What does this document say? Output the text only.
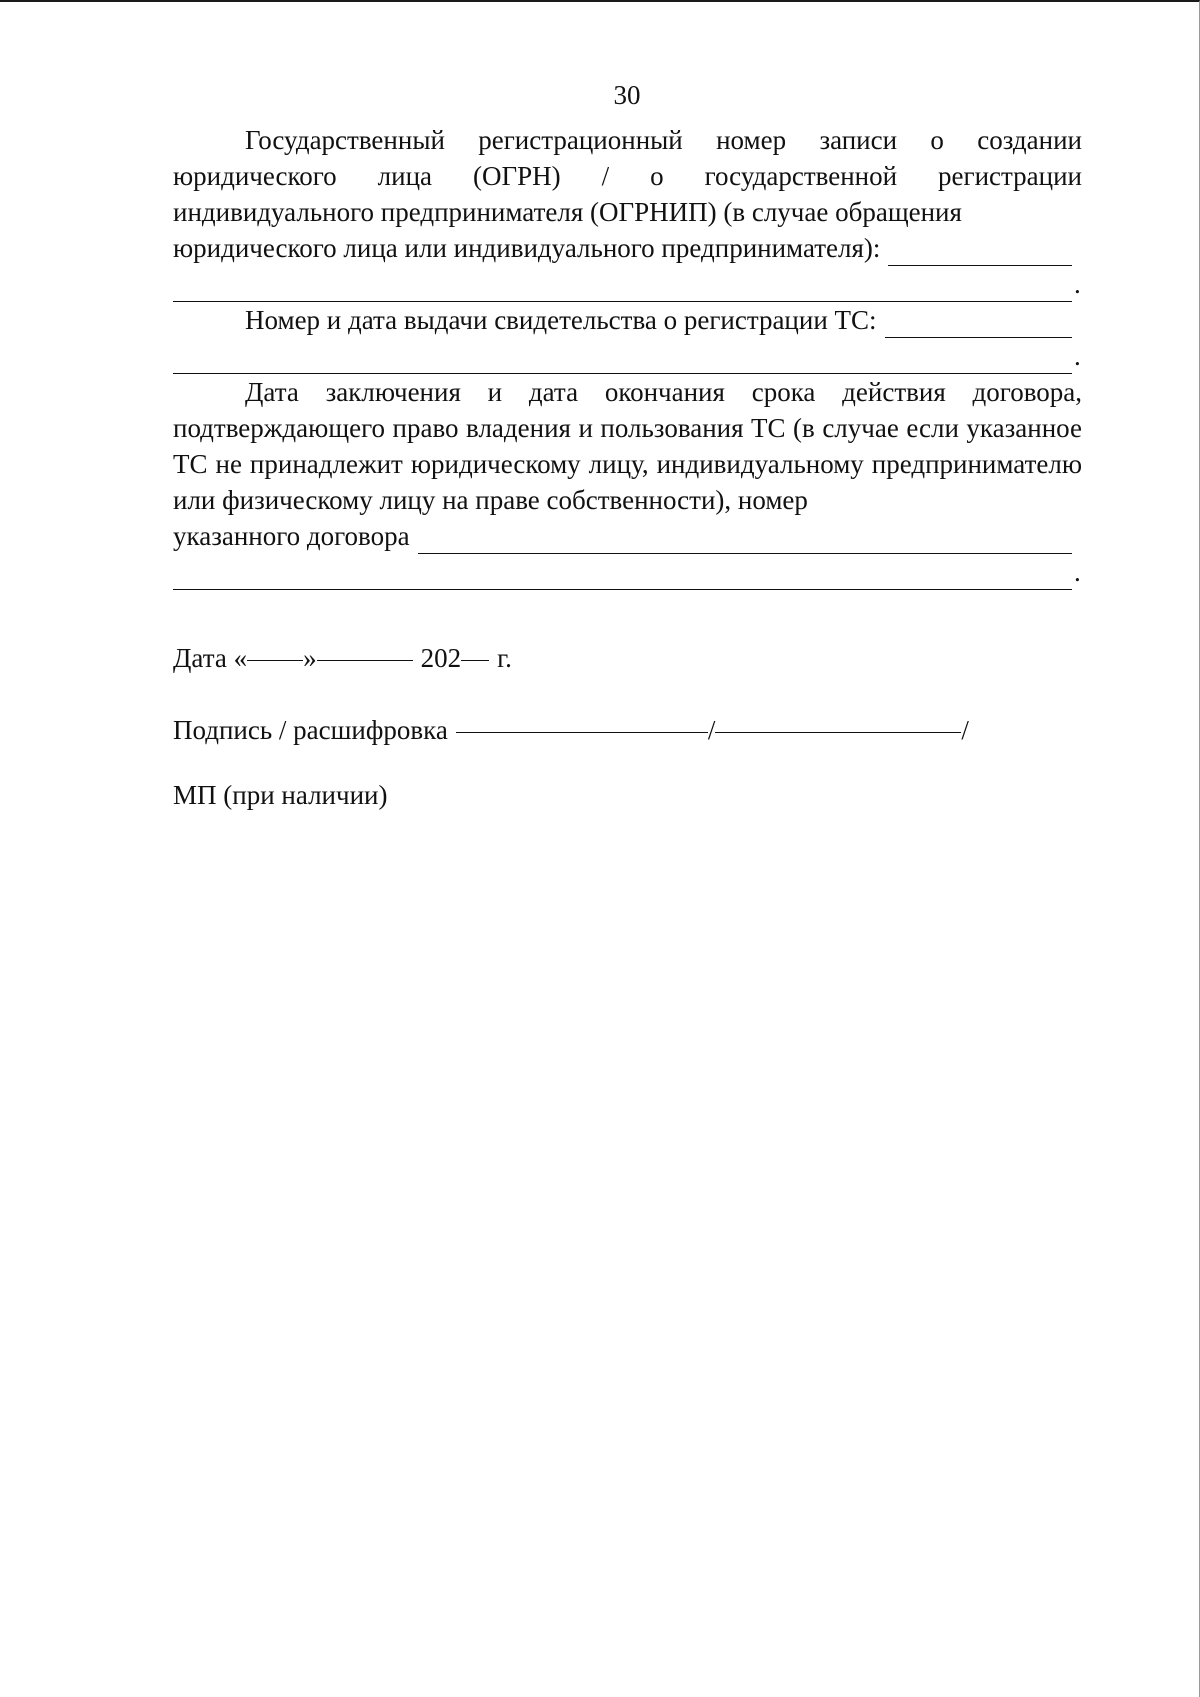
30

Государственный регистрационный номер записи о создании юридического лица (ОГРН) / о государственной регистрации индивидуального предпринимателя (ОГРНИП) (в случае обращения

юридического лица или индивидуального предпринимателя):
.
Номер и дата выдачи свидетельства о регистрации ТС:
.

Дата заключения и дата окончания срока действия договора, подтверждающего право владения и пользования ТС (в случае если указанное ТС не принадлежит юридическому лицу, индивидуальному предпринимателю или физическому лицу на праве собственности), номер

указанного договора
.
Дата « »	202 г.
Подпись / расшифровка	/	/
МП (при наличии)
